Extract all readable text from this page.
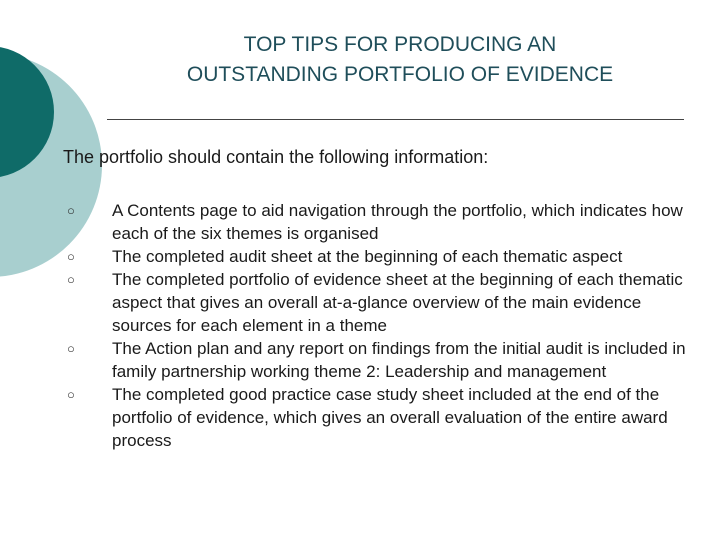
TOP TIPS FOR PRODUCING AN
OUTSTANDING PORTFOLIO OF EVIDENCE
The portfolio should contain the following information:
○ A Contents page to aid navigation through the portfolio, which indicates how each of the six themes is organised
○ The completed audit sheet at the beginning of each thematic aspect
○ The completed portfolio of evidence sheet at the beginning of each thematic aspect that gives an overall at-a-glance overview of the main evidence sources for each element in a theme
○ The Action plan and any report on findings from the initial audit is included in family partnership working theme 2: Leadership and management
○ The completed good practice case study sheet included at the end of the portfolio of evidence, which gives an overall evaluation of the entire award process
